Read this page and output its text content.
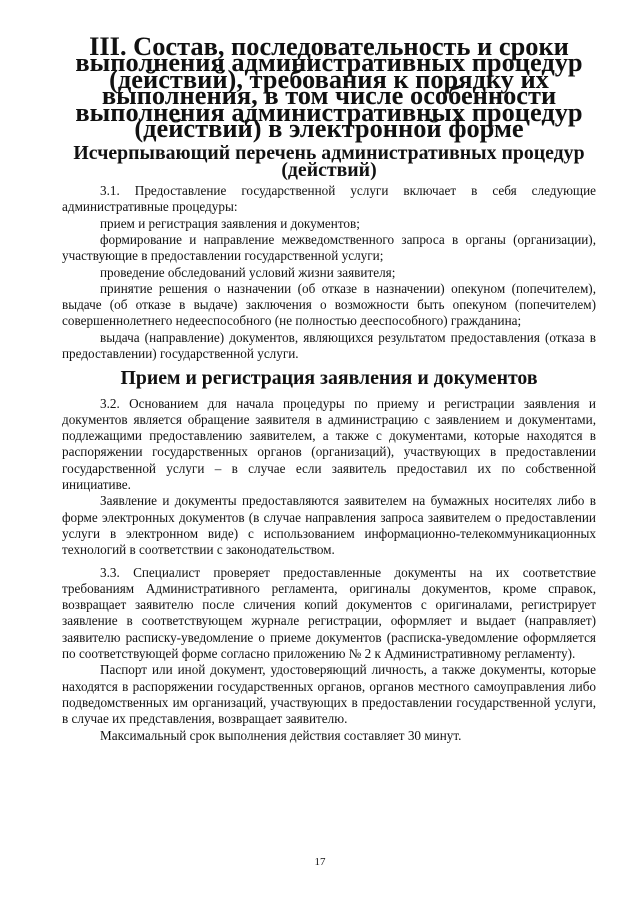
III. Состав, последовательность и сроки выполнения административных процедур (действий), требования к порядку их выполнения, в том числе особенности выполнения административных процедур (действий) в электронной форме
Исчерпывающий перечень административных процедур (действий)

3.1. Предоставление государственной услуги включает в себя следующие административные процедуры:

прием и регистрация заявления и документов;

формирование и направление межведомственного запроса в органы (организации), участвующие в предоставлении государственной услуги;

проведение обследований условий жизни заявителя;

принятие решения о назначении (об отказе в назначении) опекуном (попечителем), выдаче (об отказе в выдаче) заключения о возможности быть опекуном (попечителем) совершеннолетнего недееспособного (не полностью дееспособного) гражданина;

выдача (направление) документов, являющихся результатом предоставления (отказа в предоставлении) государственной услуги.

Прием и регистрация заявления и документов

3.2. Основанием для начала процедуры по приему и регистрации заявления и документов является обращение заявителя в администрацию с заявлением и документами, подлежащими предоставлению заявителем, а также с документами, которые находятся в распоряжении государственных органов (организаций), участвующих в предоставлении государственной услуги – в случае если заявитель предоставил их по собственной инициативе.

Заявление и документы предоставляются заявителем на бумажных носителях либо в форме электронных документов (в случае направления запроса заявителем о предоставлении услуги в электронном виде) с использованием информационно-телекоммуникационных технологий в соответствии с законодательством.

3.3. Специалист проверяет предоставленные документы на их соответствие требованиям Административного регламента, оригиналы документов, кроме справок, возвращает заявителю после сличения копий документов с оригиналами, регистрирует заявление в соответствующем журнале регистрации, оформляет и выдает (направляет) заявителю расписку-уведомление о приеме документов (расписка-уведомление оформляется по соответствующей форме согласно приложению № 2 к Административному регламенту).

Паспорт или иной документ, удостоверяющий личность, а также документы, которые находятся в распоряжении государственных органов, органов местного самоуправления либо подведомственных им организаций, участвующих в предоставлении государственной услуги, в случае их представления, возвращает заявителю.

Максимальный срок выполнения действия составляет 30 минут.

17
